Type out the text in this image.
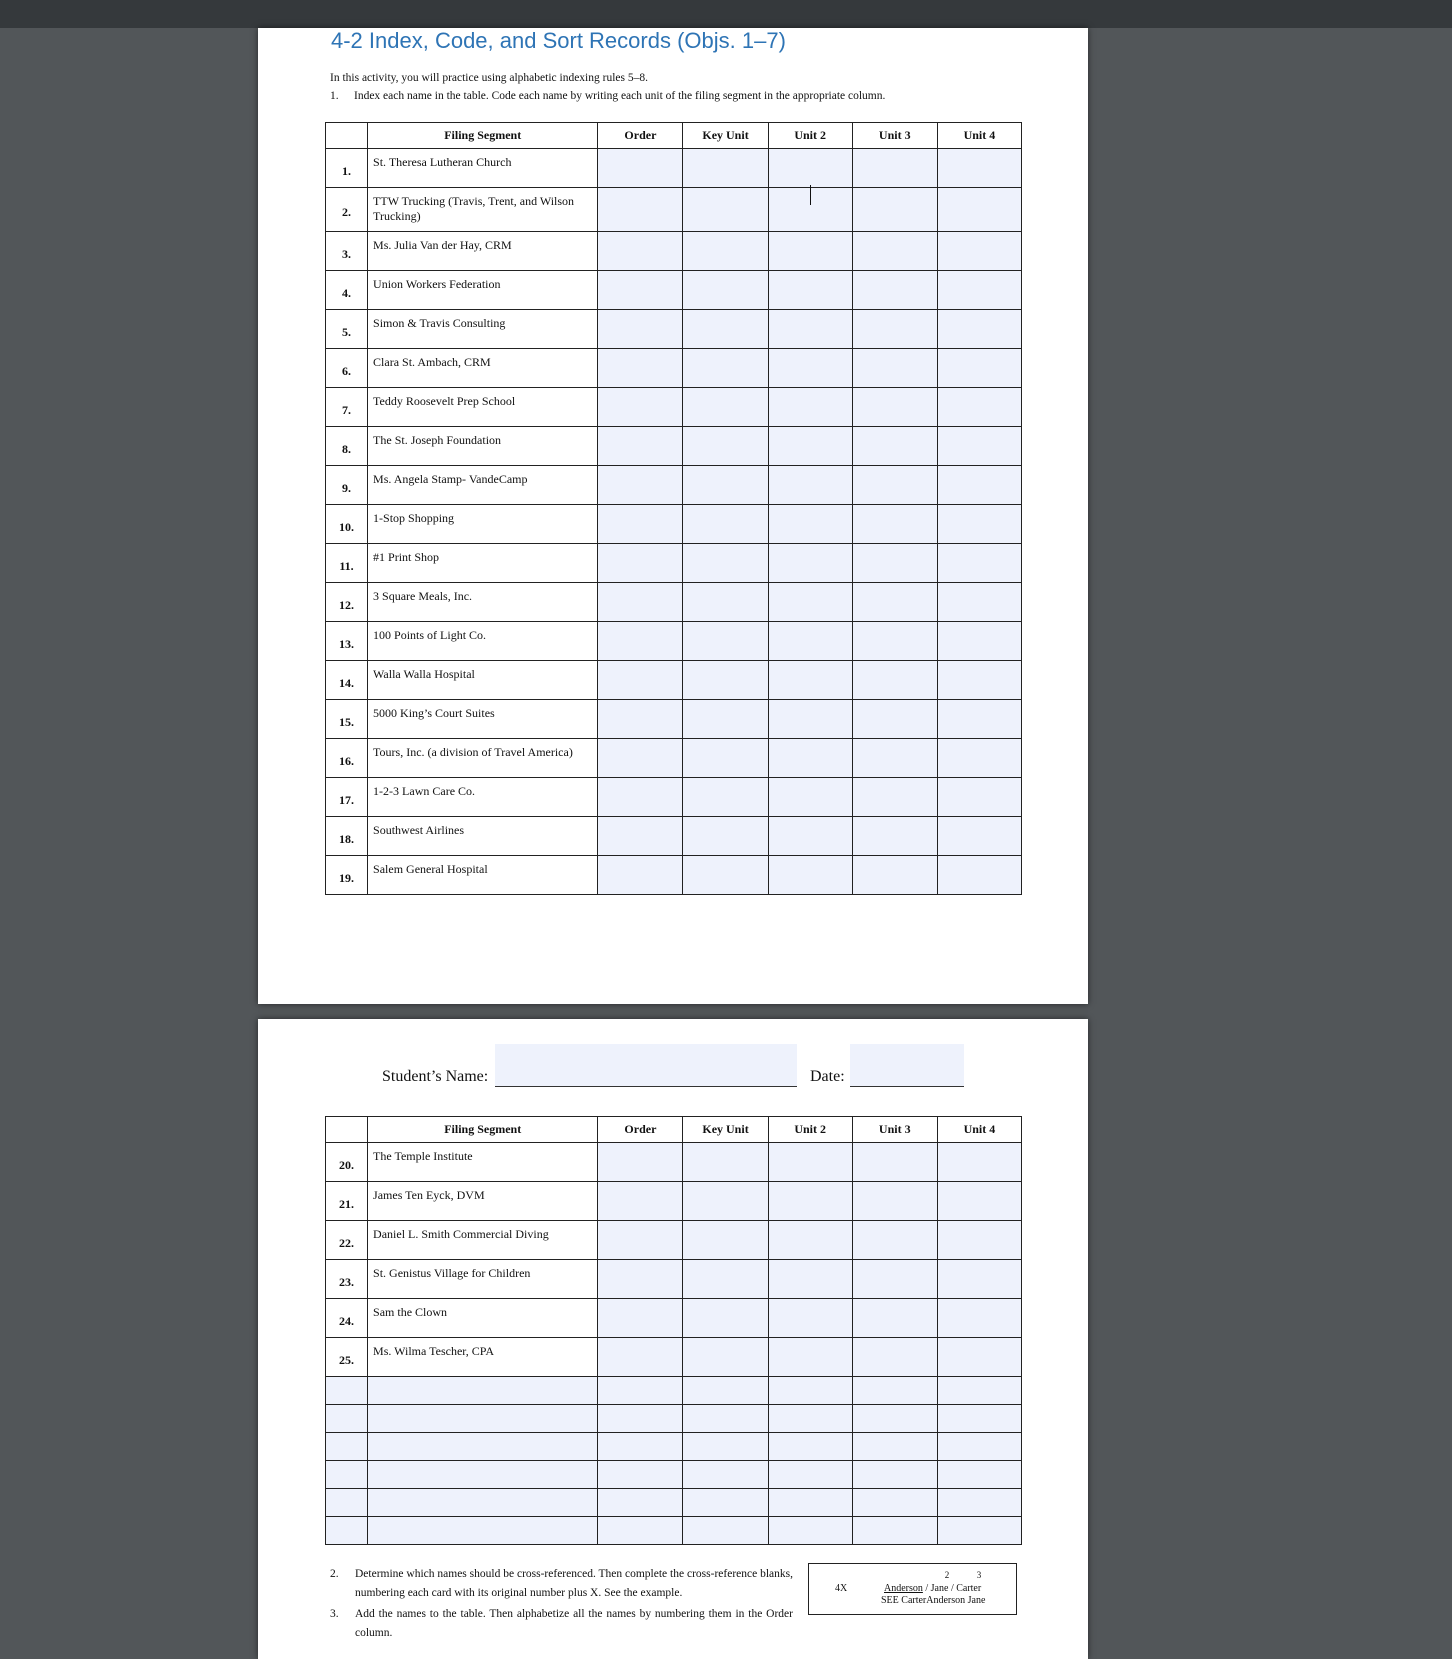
4-2 Index, Code, and Sort Records (Objs. 1–7)
In this activity, you will practice using alphabetic indexing rules 5–8.
1. Index each name in the table. Code each name by writing each unit of the filing segment in the appropriate column.
	Filing Segment	Order	Key Unit	Unit 2	Unit 3	Unit 4
1.	St. Theresa Lutheran Church					
2.	TTW Trucking (Travis, Trent, and Wilson Trucking)					
3.	Ms. Julia Van der Hay, CRM					
4.	Union Workers Federation					
5.	Simon & Travis Consulting					
6.	Clara St. Ambach, CRM					
7.	Teddy Roosevelt Prep School					
8.	The St. Joseph Foundation					
9.	Ms. Angela Stamp- VandeCamp					
10.	1-Stop Shopping					
11.	#1 Print Shop					
12.	3 Square Meals, Inc.					
13.	100 Points of Light Co.					
14.	Walla Walla Hospital					
15.	5000 King’s Court Suites					
16.	Tours, Inc. (a division of Travel America)					
17.	1-2-3 Lawn Care Co.					
18.	Southwest Airlines					
19.	Salem General Hospital					
Student’s Name:	Date:
	Filing Segment	Order	Key Unit	Unit 2	Unit 3	Unit 4
20.	The Temple Institute					
21.	James Ten Eyck, DVM					
22.	Daniel L. Smith Commercial Diving					
23.	St. Genistus Village for Children					
24.	Sam the Clown					
25.	Ms. Wilma Tescher, CPA					

2. Determine which names should be cross-referenced. Then complete the cross-reference blanks, numbering each card with its original number plus X. See the example.
3. Add the names to the table. Then alphabetize all the names by numbering them in the Order column.
4X
2	3
Anderson / Jane / Carter
SEE CarterAnderson Jane
